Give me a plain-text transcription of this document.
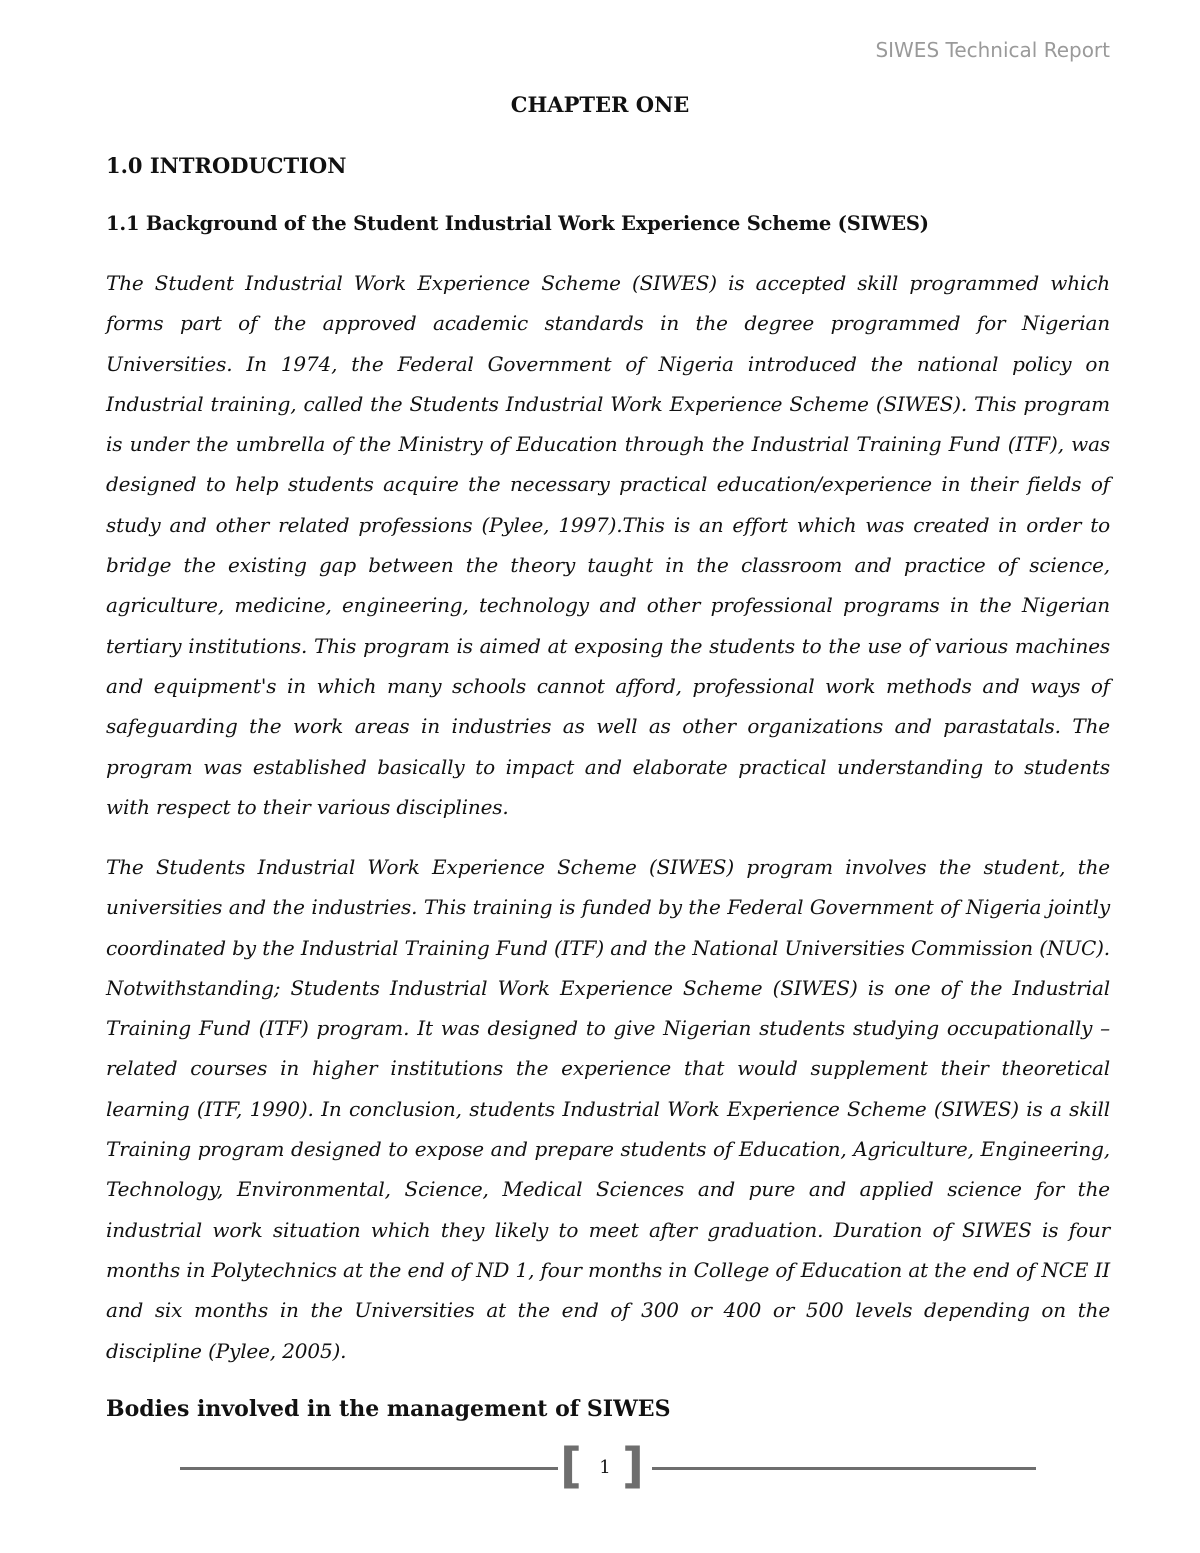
SIWES Technical Report
CHAPTER ONE
1.0 INTRODUCTION
1.1 Background of the Student Industrial Work Experience Scheme (SIWES)
The Student Industrial Work Experience Scheme (SIWES) is accepted skill programmed which forms part of the approved academic standards in the degree programmed for Nigerian Universities. In 1974, the Federal Government of Nigeria introduced the national policy on Industrial training, called the Students Industrial Work Experience Scheme (SIWES). This program is under the umbrella of the Ministry of Education through the Industrial Training Fund (ITF), was designed to help students acquire the necessary practical education/experience in their fields of study and other related professions (Pylee, 1997).This is an effort which was created in order to bridge the existing gap between the theory taught in the classroom and practice of science, agriculture, medicine, engineering, technology and other professional programs in the Nigerian tertiary institutions. This program is aimed at exposing the students to the use of various machines and equipment's in which many schools cannot afford, professional work methods and ways of safeguarding the work areas in industries as well as other organizations and parastatals. The program was established basically to impact and elaborate practical understanding to students with respect to their various disciplines.
The Students Industrial Work Experience Scheme (SIWES) program involves the student, the universities and the industries. This training is funded by the Federal Government of Nigeria jointly coordinated by the Industrial Training Fund (ITF) and the National Universities Commission (NUC). Notwithstanding; Students Industrial Work Experience Scheme (SIWES) is one of the Industrial Training Fund (ITF) program. It was designed to give Nigerian students studying occupationally – related courses in higher institutions the experience that would supplement their theoretical learning (ITF, 1990). In conclusion, students Industrial Work Experience Scheme (SIWES) is a skill Training program designed to expose and prepare students of Education, Agriculture, Engineering, Technology, Environmental, Science, Medical Sciences and pure and applied science for the industrial work situation which they likely to meet after graduation. Duration of SIWES is four months in Polytechnics at the end of ND 1, four months in College of Education at the end of NCE II and six months in the Universities at the end of 300 or 400 or 500 levels depending on the discipline (Pylee, 2005).
Bodies involved in the management of SIWES
[ 1 ]
